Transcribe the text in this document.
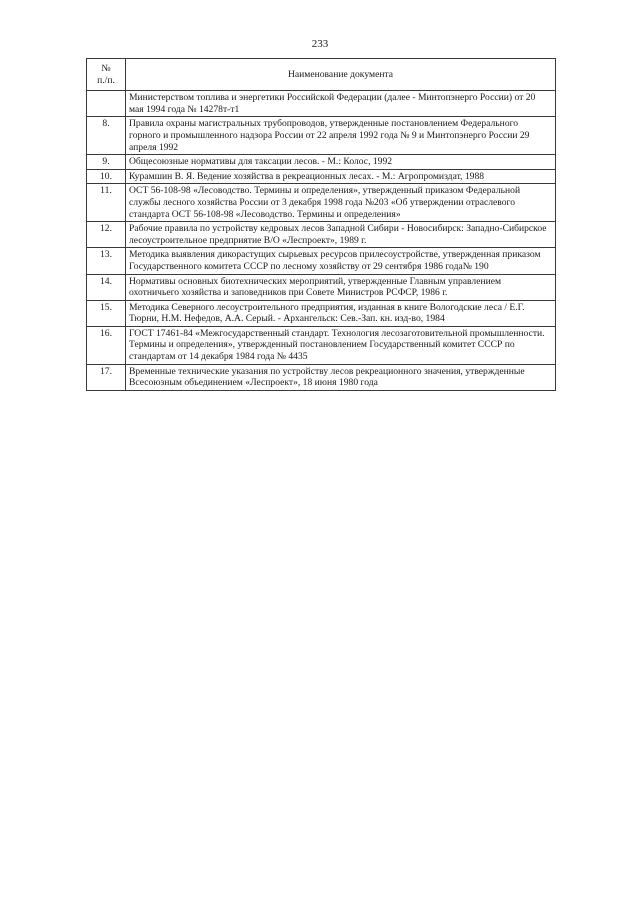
233
№
п./п.	Наименование документа
	Министерством топлива и энергетики Российской Федерации (далее - Минтопэнерго России) от 20 мая 1994 года № 14278т-т1
8.	Правила охраны магистральных трубопроводов, утвержденные постановлением Федерального горного и промышленного надзора России от 22 апреля 1992 года № 9 и Минтопэнерго России 29 апреля 1992
9.	Общесоюзные нормативы для таксации лесов. - М.: Колос, 1992
10.	Курамшин В. Я. Ведение хозяйства в рекреационных лесах. - М.: Агропромиздат, 1988
11.	ОСТ 56-108-98 «Лесоводство. Термины и определения», утвержденный приказом Федеральной службы лесного хозяйства России от 3 декабря 1998 года №203 «Об утверждении отраслевого стандарта ОСТ 56-108-98 «Лесоводство. Термины и определения»
12.	Рабочие правила по устройству кедровых лесов Западной Сибири - Новосибирск: Западно-Сибирское лесоустроительное предприятие В/О «Леспроект», 1989 г.
13.	Методика выявления дикорастущих сырьевых ресурсов прилесоустройстве, утвержденная приказом Государственного комитета СССР по лесному хозяйству от 29 сентября 1986 года№ 190
14.	Нормативы основных биотехнических мероприятий, утвержденные Главным управлением охотничьего хозяйства и заповедников при Совете Министров РСФСР, 1986 г.
15.	Методика Северного лесоустроительного предприятия, изданная в книге Вологодские леса / Е.Г. Тюрни, Н.М. Нефедов, А.А. Серый. - Архангельск: Сев.-Зап. кн. изд-во, 1984
16.	ГОСТ 17461-84 «Межгосударственный стандарт. Технология лесозаготовительной промышленности. Термины и определения», утвержденный постановлением Государственный комитет СССР по стандартам от 14 декабря 1984 года № 4435
17.	Временные технические указания по устройству лесов рекреационного значения, утвержденные Всесоюзным объединением «Леспроект», 18 июня 1980 года
